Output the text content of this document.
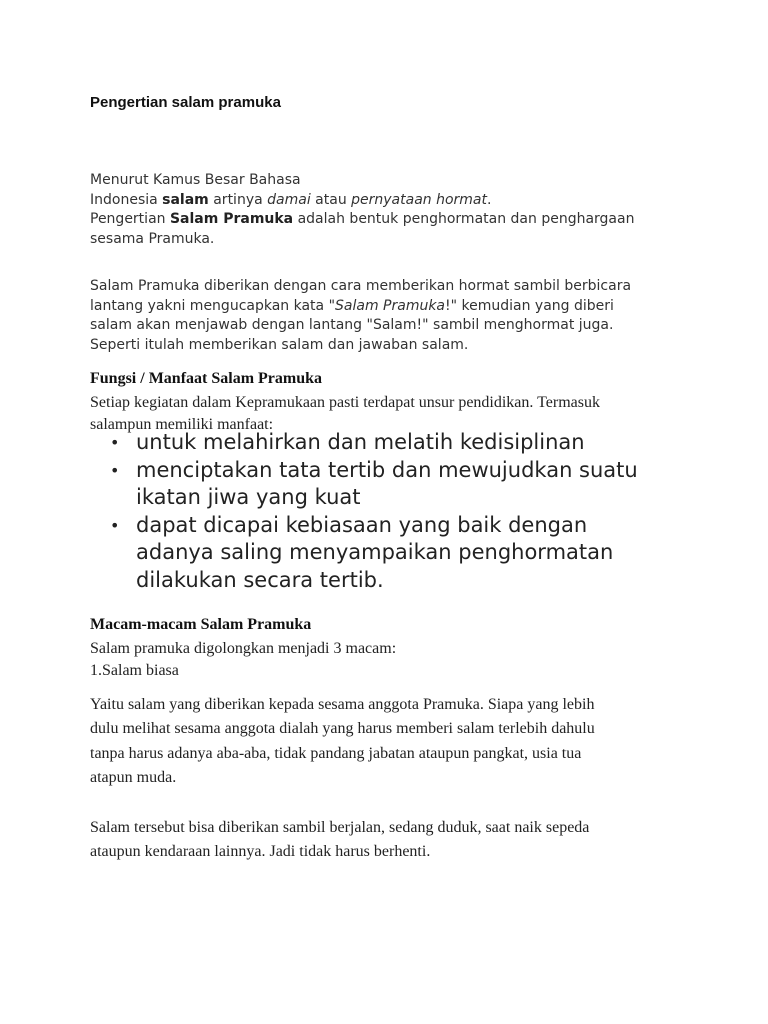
Pengertian salam pramuka
Menurut Kamus Besar Bahasa
Indonesia salam artinya damai atau pernyataan hormat.
Pengertian Salam Pramuka adalah bentuk penghormatan dan penghargaan
sesama Pramuka.
Salam Pramuka diberikan dengan cara memberikan hormat sambil berbicara
lantang yakni mengucapkan kata "Salam Pramuka!" kemudian yang diberi
salam akan menjawab dengan lantang "Salam!" sambil menghormat juga.
Seperti itulah memberikan salam dan jawaban salam.
Fungsi / Manfaat Salam Pramuka
Setiap kegiatan dalam Kepramukaan pasti terdapat unsur pendidikan. Termasuk
salampun memiliki manfaat:
• untuk melahirkan dan melatih kedisiplinan
• menciptakan tata tertib dan mewujudkan suatu
ikatan jiwa yang kuat
• dapat dicapai kebiasaan yang baik dengan
adanya saling menyampaikan penghormatan
dilakukan secara tertib.
Macam-macam Salam Pramuka
Salam pramuka digolongkan menjadi 3 macam:
1.Salam biasa
Yaitu salam yang diberikan kepada sesama anggota Pramuka. Siapa yang lebih
dulu melihat sesama anggota dialah yang harus memberi salam terlebih dahulu
tanpa harus adanya aba-aba, tidak pandang jabatan ataupun pangkat, usia tua
atapun muda.
Salam tersebut bisa diberikan sambil berjalan, sedang duduk, saat naik sepeda
ataupun kendaraan lainnya. Jadi tidak harus berhenti.
